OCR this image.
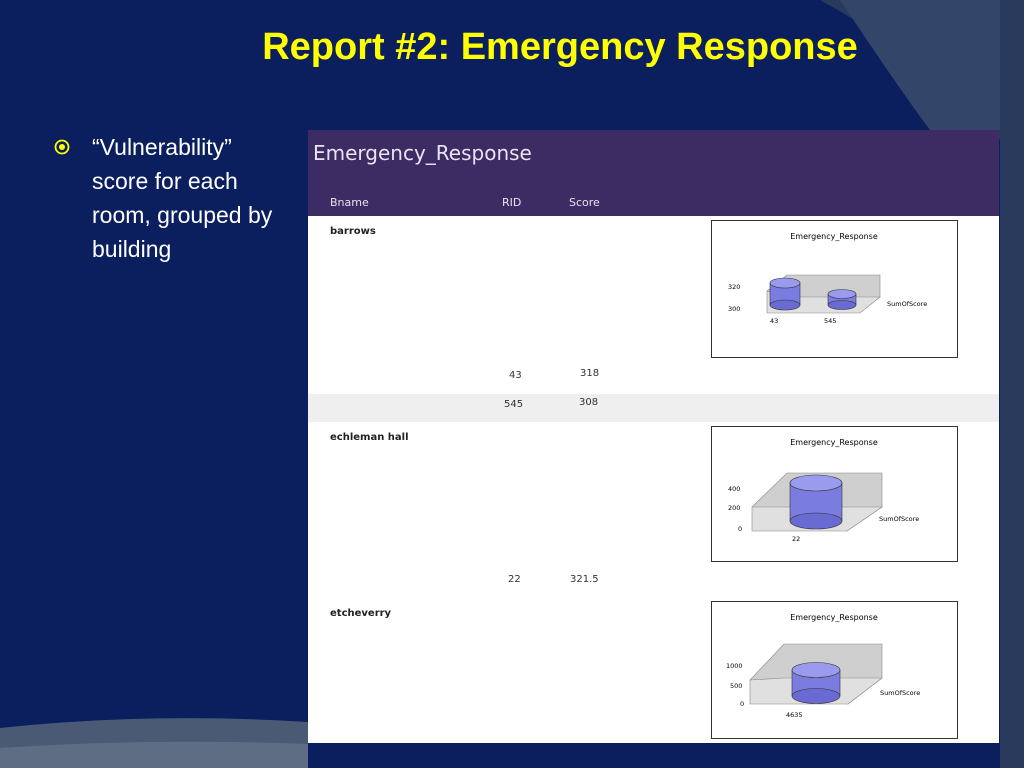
Report #2: Emergency Response
“Vulnerability” score for each room, grouped by building
Emergency_Response
Bname	RID	Score
barrows
43	318
545	308
Emergency_Response
320
300
43	545
SumOfScore
echleman hall
22	321.5
Emergency_Response
400
200
0
22
SumOfScore
etcheverry	Emergency_Response
1000
500
0
4635
SumOfScore
